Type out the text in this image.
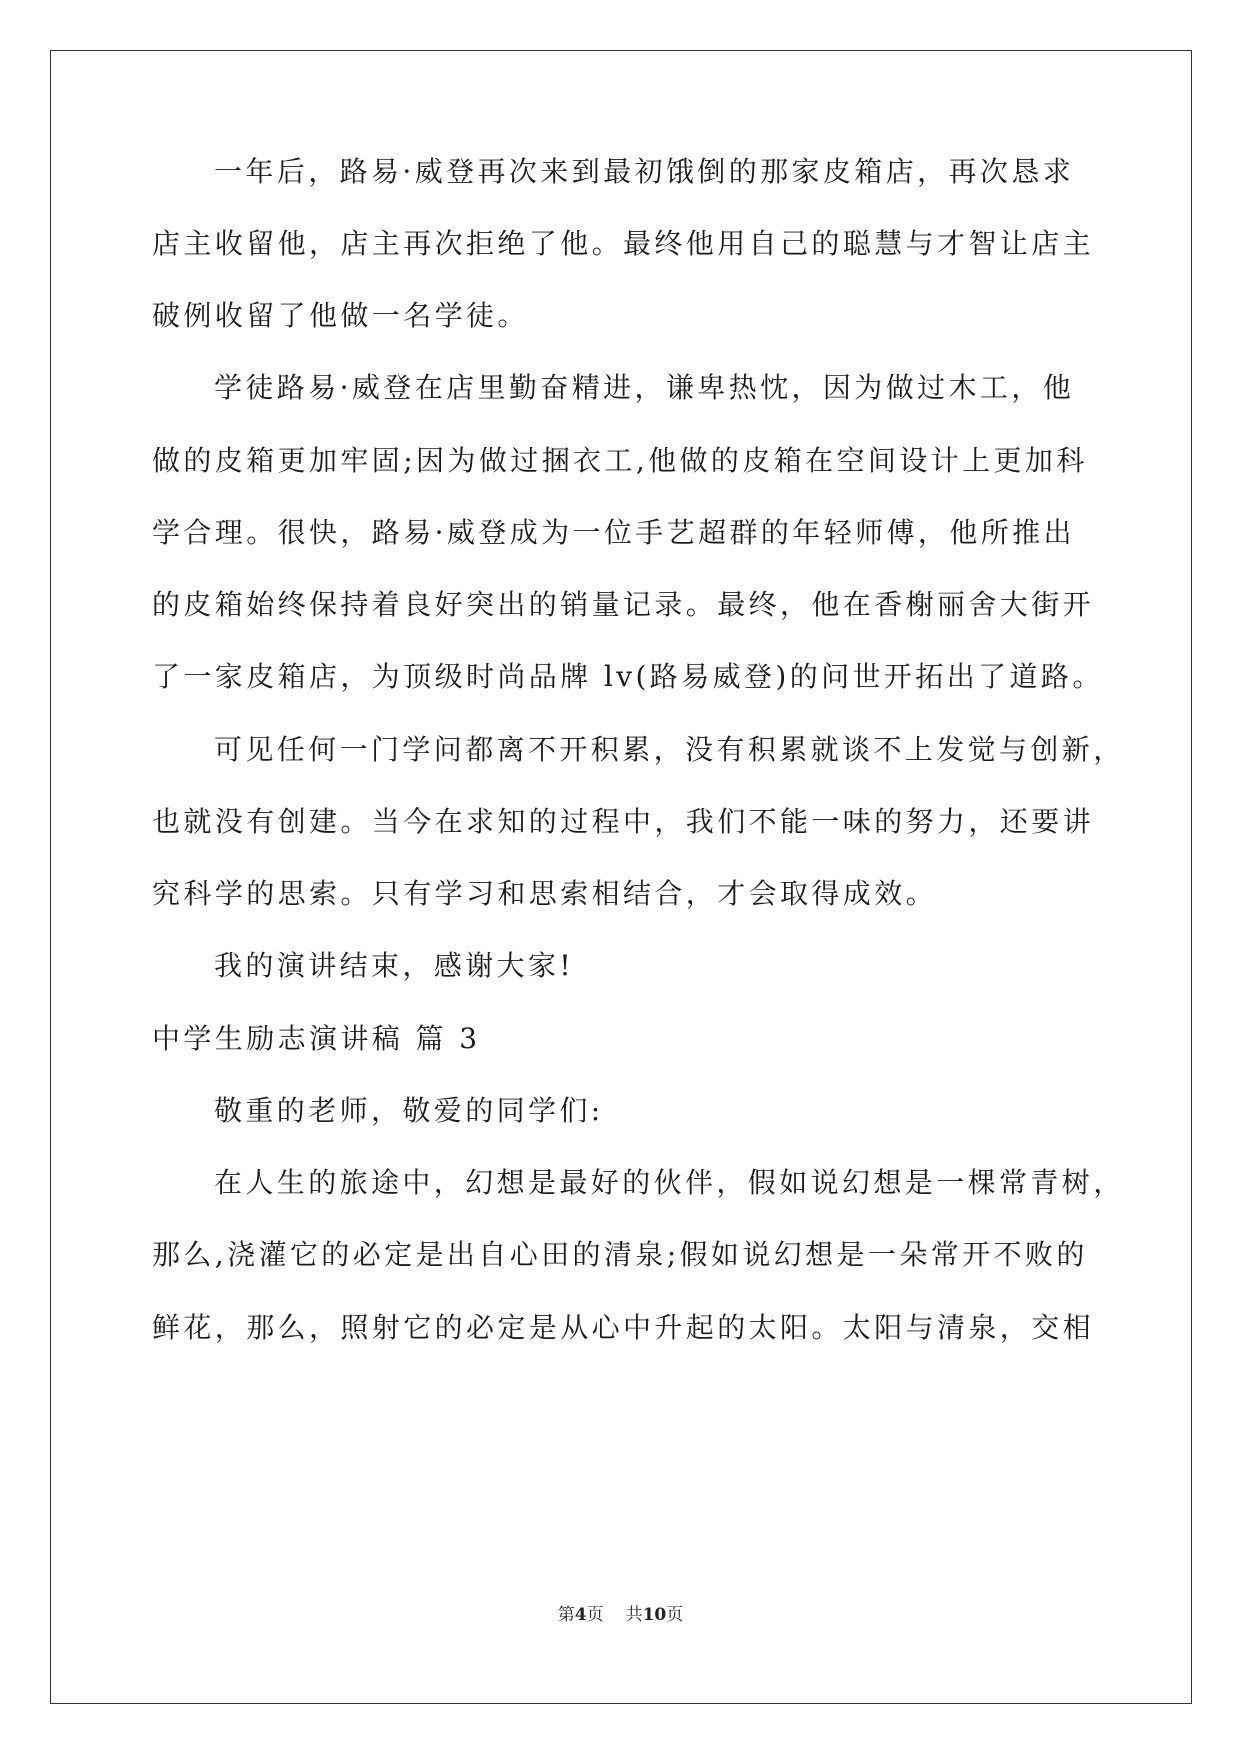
一年后，路易·威登再次来到最初饿倒的那家皮箱店，再次恳求
店主收留他，店主再次拒绝了他。最终他用自己的聪慧与才智让店主
破例收留了他做一名学徒。
学徒路易·威登在店里勤奋精进，谦卑热忱，因为做过木工，他
做的皮箱更加牢固;因为做过捆衣工,他做的皮箱在空间设计上更加科
学合理。很快，路易·威登成为一位手艺超群的年轻师傅，他所推出
的皮箱始终保持着良好突出的销量记录。最终，他在香榭丽舍大街开
了一家皮箱店，为顶级时尚品牌 lv(路易威登)的问世开拓出了道路。
可见任何一门学问都离不开积累，没有积累就谈不上发觉与创新，
也就没有创建。当今在求知的过程中，我们不能一味的努力，还要讲
究科学的思索。只有学习和思索相结合，才会取得成效。
我的演讲结束，感谢大家!
中学生励志演讲稿 篇 3
敬重的老师，敬爱的同学们:
在人生的旅途中，幻想是最好的伙伴，假如说幻想是一棵常青树，
那么,浇灌它的必定是出自心田的清泉;假如说幻想是一朵常开不败的
鲜花，那么，照射它的必定是从心中升起的太阳。太阳与清泉，交相
第4页 共10页
